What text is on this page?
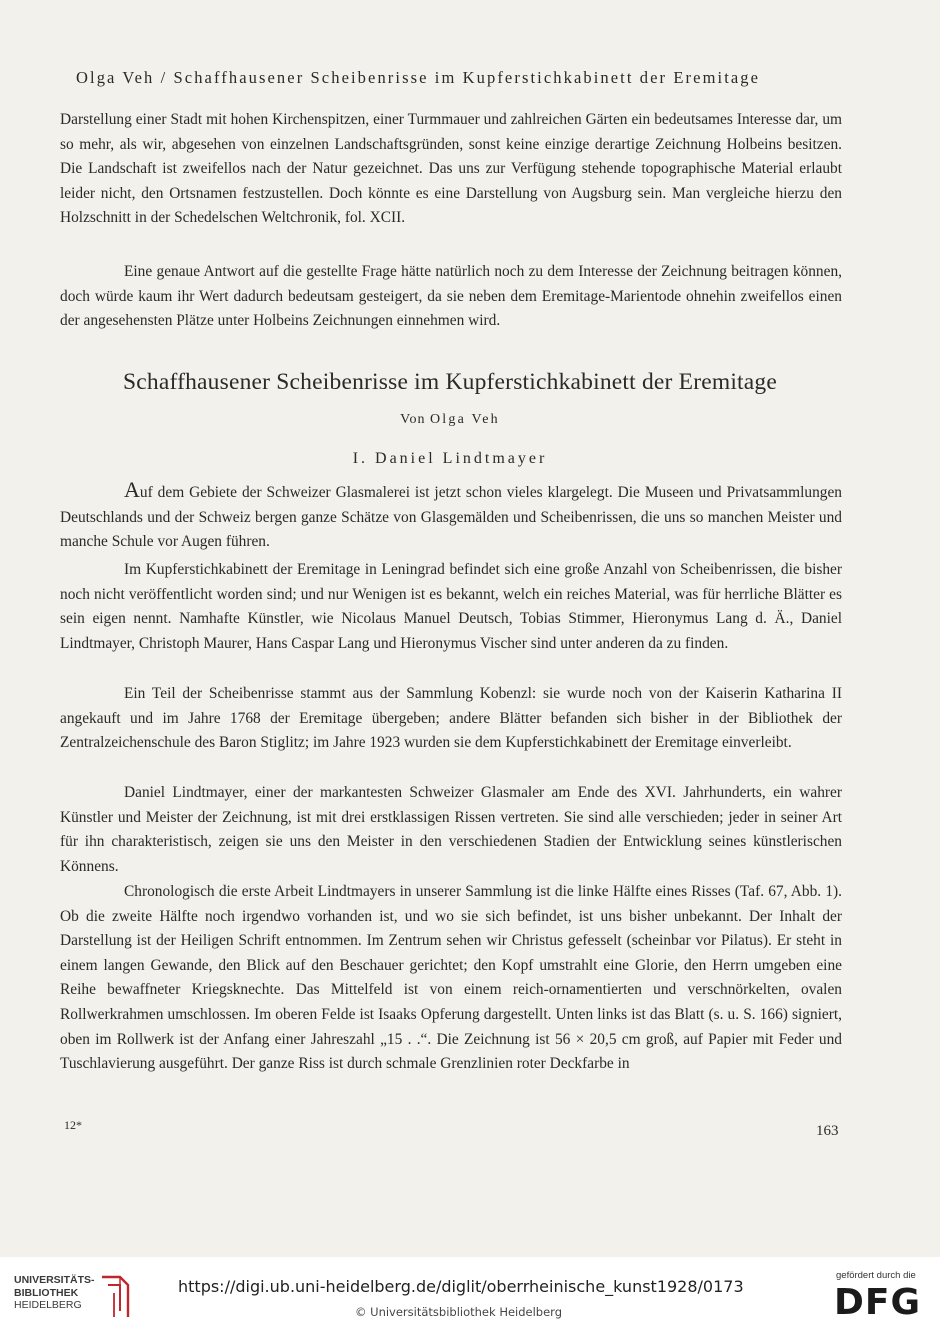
Olga Veh / Schaffhausener Scheibenrisse im Kupferstichkabinett der Eremitage

Darstellung einer Stadt mit hohen Kirchenspitzen, einer Turmmauer und zahlreichen Gärten ein bedeutsames Interesse dar, um so mehr, als wir, abgesehen von einzelnen Landschaftsgründen, sonst keine einzige derartige Zeichnung Holbeins besitzen. Die Landschaft ist zweifellos nach der Natur gezeichnet. Das uns zur Verfügung stehende topographische Material erlaubt leider nicht, den Ortsnamen festzustellen. Doch könnte es eine Darstellung von Augsburg sein. Man vergleiche hierzu den Holzschnitt in der Schedelschen Weltchronik, fol. XCII.

Eine genaue Antwort auf die gestellte Frage hätte natürlich noch zu dem Interesse der Zeichnung beitragen können, doch würde kaum ihr Wert dadurch bedeutsam gesteigert, da sie neben dem Eremitage-Marientode ohnehin zweifellos einen der angesehensten Plätze unter Holbeins Zeichnungen einnehmen wird.

Schaffhausener Scheibenrisse im Kupferstichkabinett der Eremitage
Von Olga Veh
I. Daniel Lindtmayer

Auf dem Gebiete der Schweizer Glasmalerei ist jetzt schon vieles klargelegt. Die Museen und Privatsammlungen Deutschlands und der Schweiz bergen ganze Schätze von Glasgemälden und Scheibenrissen, die uns so manchen Meister und manche Schule vor Augen führen.

Im Kupferstichkabinett der Eremitage in Leningrad befindet sich eine große Anzahl von Scheibenrissen, die bisher noch nicht veröffentlicht worden sind; und nur Wenigen ist es bekannt, welch ein reiches Material, was für herrliche Blätter es sein eigen nennt. Namhafte Künstler, wie Nicolaus Manuel Deutsch, Tobias Stimmer, Hieronymus Lang d. Ä., Daniel Lindtmayer, Christoph Maurer, Hans Caspar Lang und Hieronymus Vischer sind unter anderen da zu finden.

Ein Teil der Scheibenrisse stammt aus der Sammlung Kobenzl: sie wurde noch von der Kaiserin Katharina II angekauft und im Jahre 1768 der Eremitage übergeben; andere Blätter befanden sich bisher in der Bibliothek der Zentralzeichenschule des Baron Stiglitz; im Jahre 1923 wurden sie dem Kupferstichkabinett der Eremitage einverleibt.

Daniel Lindtmayer, einer der markantesten Schweizer Glasmaler am Ende des XVI. Jahrhunderts, ein wahrer Künstler und Meister der Zeichnung, ist mit drei erstklassigen Rissen vertreten. Sie sind alle verschieden; jeder in seiner Art für ihn charakteristisch, zeigen sie uns den Meister in den verschiedenen Stadien der Entwicklung seines künstlerischen Könnens.

Chronologisch die erste Arbeit Lindtmayers in unserer Sammlung ist die linke Hälfte eines Risses (Taf. 67, Abb. 1). Ob die zweite Hälfte noch irgendwo vorhanden ist, und wo sie sich befindet, ist uns bisher unbekannt. Der Inhalt der Darstellung ist der Heiligen Schrift entnommen. Im Zentrum sehen wir Christus gefesselt (scheinbar vor Pilatus). Er steht in einem langen Gewande, den Blick auf den Beschauer gerichtet; den Kopf umstrahlt eine Glorie, den Herrn umgeben eine Reihe bewaffneter Kriegsknechte. Das Mittelfeld ist von einem reich-ornamentierten und verschnörkelten, ovalen Rollwerkrahmen umschlossen. Im oberen Felde ist Isaaks Opferung dargestellt. Unten links ist das Blatt (s. u. S. 166) signiert, oben im Rollwerk ist der Anfang einer Jahreszahl „15 . .“. Die Zeichnung ist 56 × 20,5 cm groß, auf Papier mit Feder und Tuschlavierung ausgeführt. Der ganze Riss ist durch schmale Grenzlinien roter Deckfarbe in

12*	163
UNIVERSITÄTS-
BIBLIOTHEK
HEIDELBERG
https://digi.ub.uni-heidelberg.de/diglit/oberrheinische_kunst1928/0173
© Universitätsbibliothek Heidelberg
gefördert durch die
DFG
